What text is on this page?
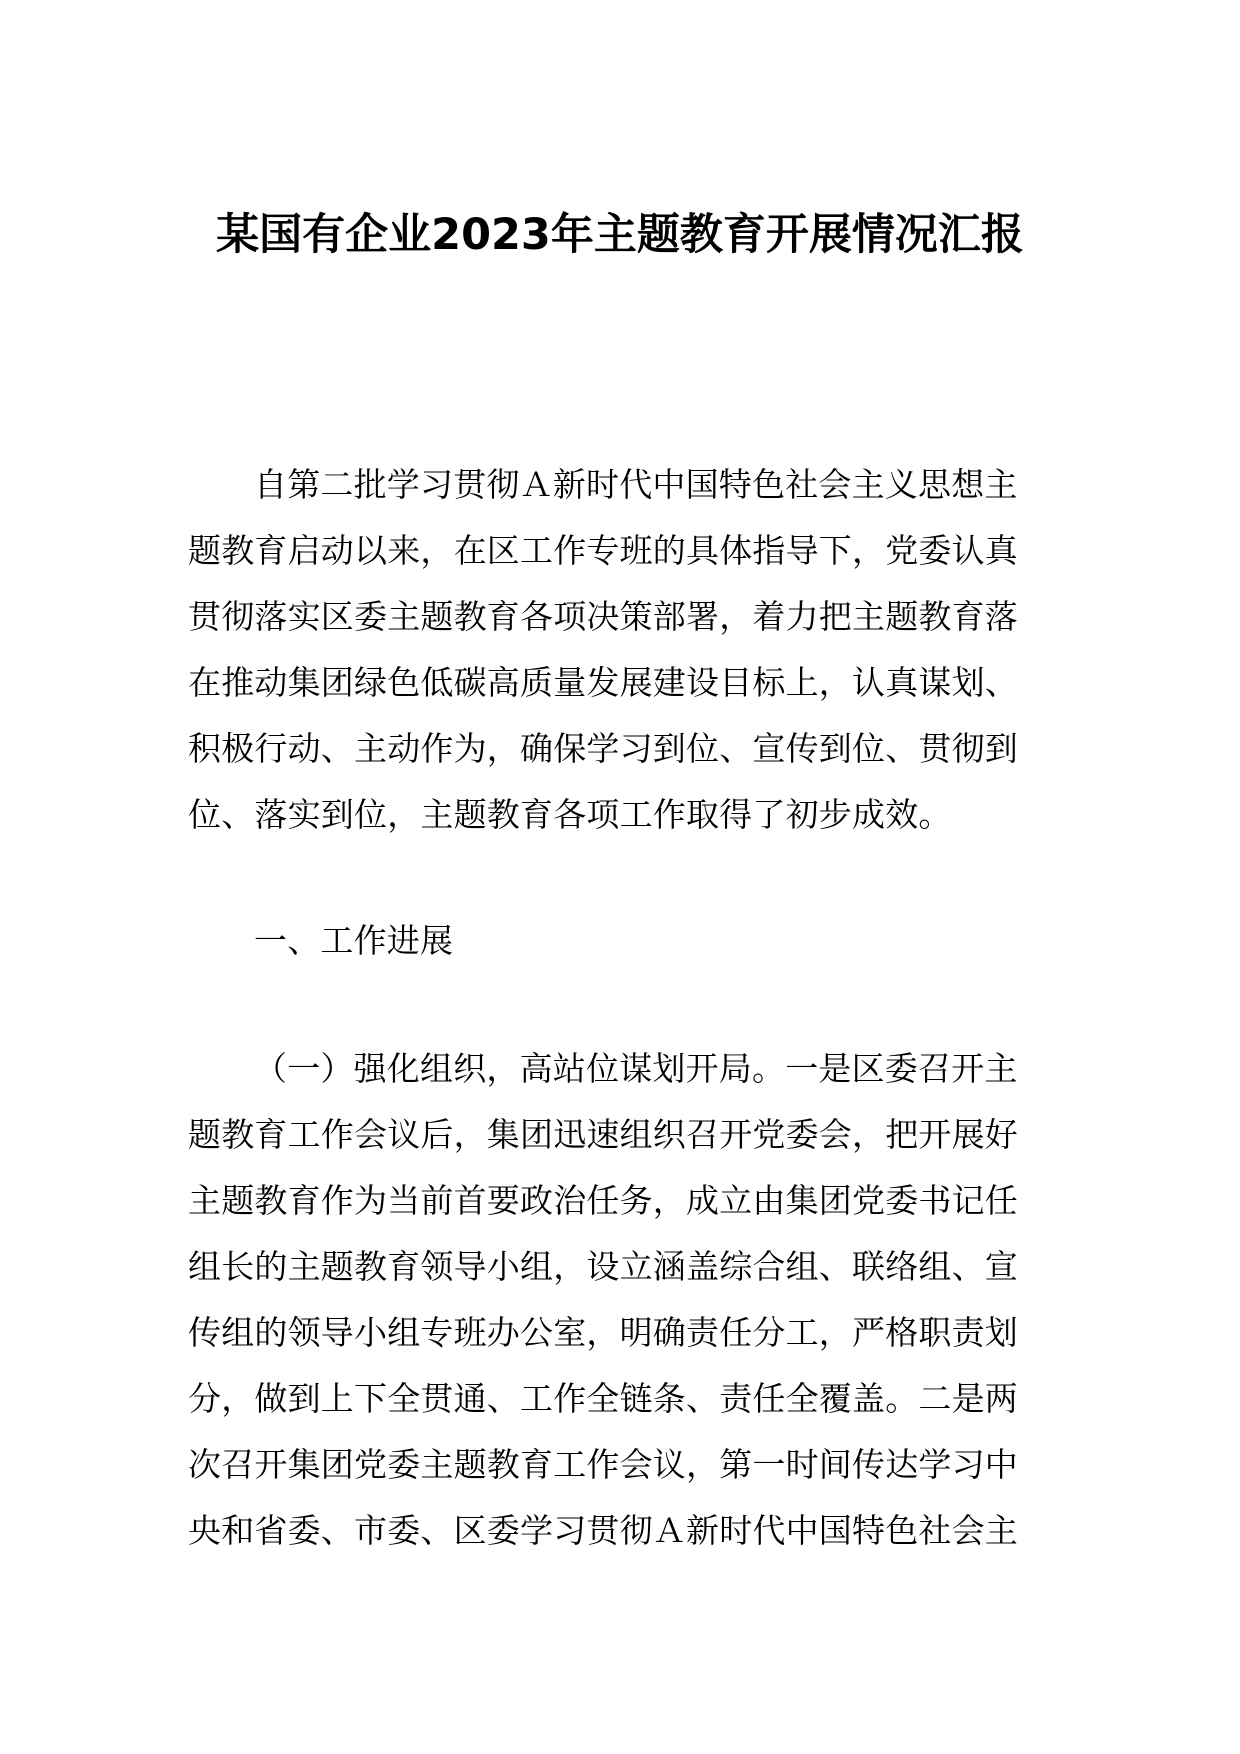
某国有企业2023年主题教育开展情况汇报
自第二批学习贯彻Ａ新时代中国特色社会主义思想主
题教育启动以来，在区工作专班的具体指导下，党委认真
贯彻落实区委主题教育各项决策部署，着力把主题教育落
在推动集团绿色低碳高质量发展建设目标上，认真谋划、
积极行动、主动作为，确保学习到位、宣传到位、贯彻到
位、落实到位，主题教育各项工作取得了初步成效。
一、工作进展
（一）强化组织，高站位谋划开局。一是区委召开主
题教育工作会议后，集团迅速组织召开党委会，把开展好
主题教育作为当前首要政治任务，成立由集团党委书记任
组长的主题教育领导小组，设立涵盖综合组、联络组、宣
传组的领导小组专班办公室，明确责任分工，严格职责划
分，做到上下全贯通、工作全链条、责任全覆盖。二是两
次召开集团党委主题教育工作会议，第一时间传达学习中
央和省委、市委、区委学习贯彻Ａ新时代中国特色社会主
